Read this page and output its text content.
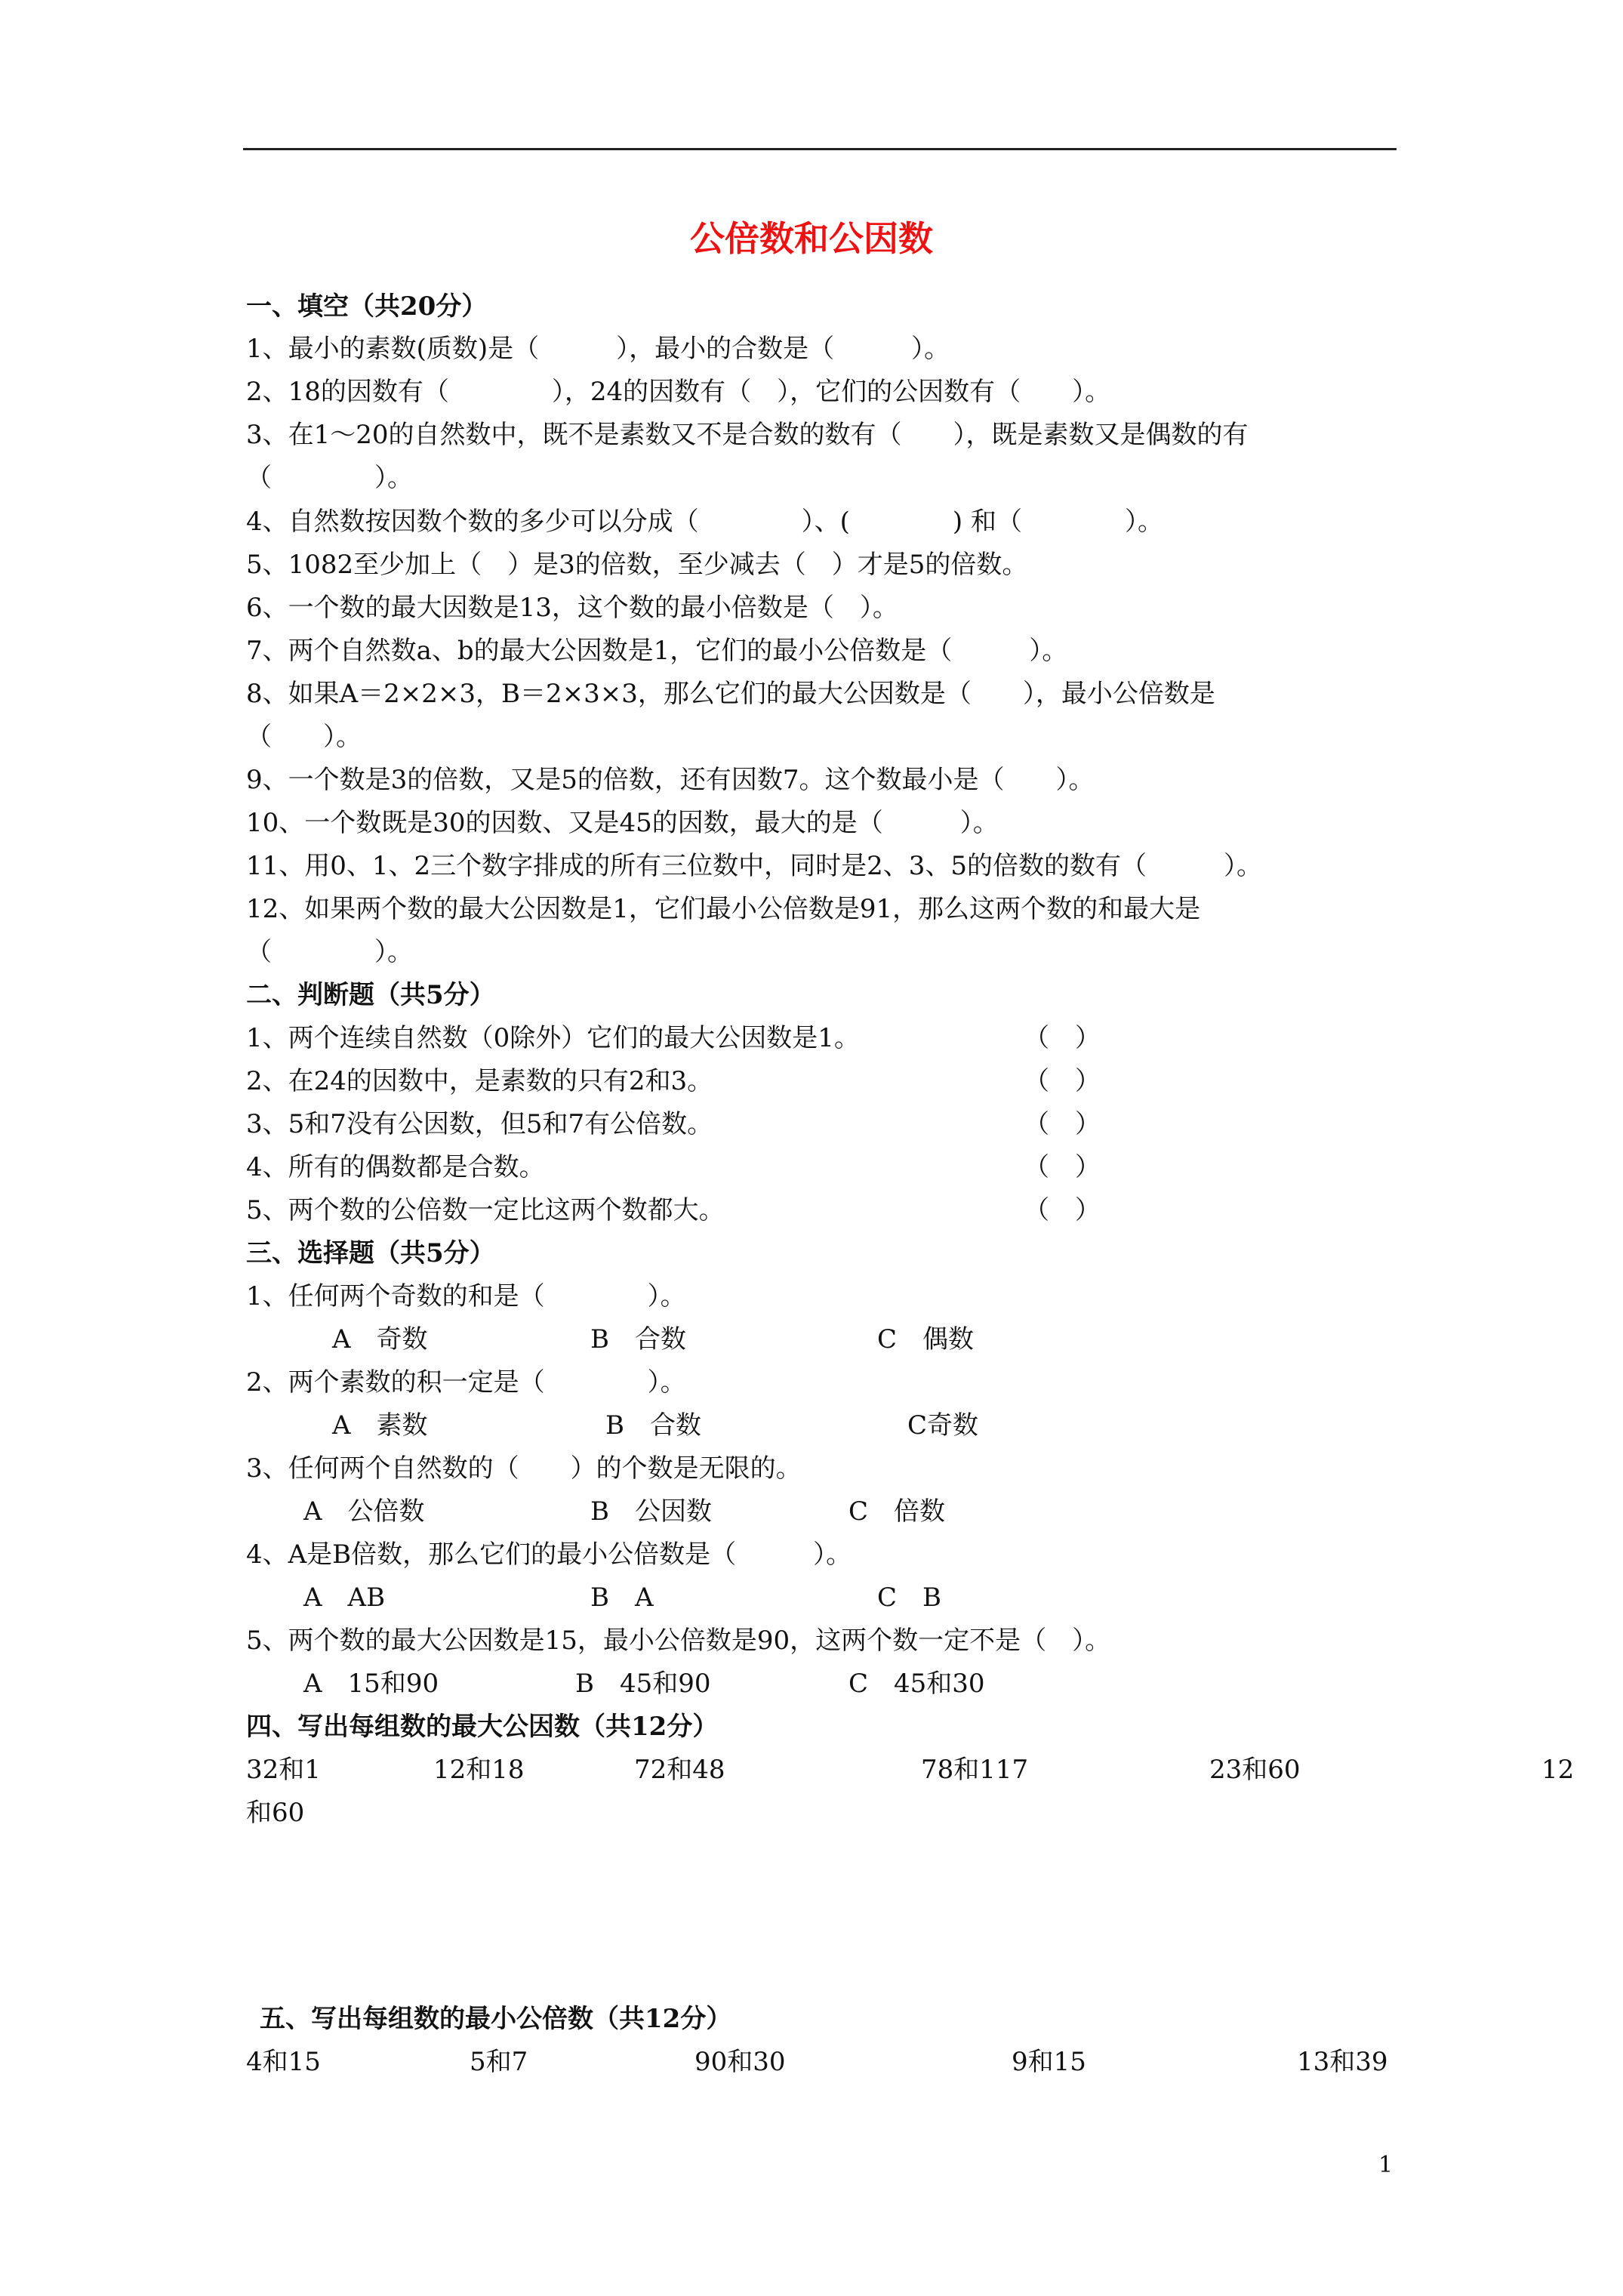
公倍数和公因数
一、填空（共20分）
1、最小的素数(质数)是（　　　），最小的合数是（　　　）。
2、18的因数有（　　　　），24的因数有（　），它们的公因数有（　　）。
3、在1～20的自然数中，既不是素数又不是合数的数有（　　），既是素数又是偶数的有
（　　　　）。
4、自然数按因数个数的多少可以分成（　　　　）、(　　　　) 和（　　　　）。
5、1082至少加上（　）是3的倍数，至少减去（　）才是5的倍数。
6、一个数的最大因数是13，这个数的最小倍数是（　）。
7、两个自然数a、b的最大公因数是1，它们的最小公倍数是（　　　）。
8、如果A＝2×2×3，B＝2×3×3，那么它们的最大公因数是（　　），最小公倍数是
（　　）。
9、一个数是3的倍数，又是5的倍数，还有因数7。这个数最小是（　　）。
10、一个数既是30的因数、又是45的因数，最大的是（　　　）。
11、用0、1、2三个数字排成的所有三位数中，同时是2、3、5的倍数的数有（　　　）。
12、如果两个数的最大公因数是1，它们最小公倍数是91，那么这两个数的和最大是
（　　　　）。
二、判断题（共5分）
1、两个连续自然数（0除外）它们的最大公因数是1。	（　）
2、在24的因数中，是素数的只有2和3。	（　）
3、5和7没有公因数，但5和7有公倍数。	（　）
4、所有的偶数都是合数。	（　）
5、两个数的公倍数一定比这两个数都大。	（　）
三、选择题（共5分）
1、任何两个奇数的和是（　　　　）。
A　奇数	B　合数	C　偶数
2、两个素数的积一定是（　　　　）。
A　素数	B　合数	C奇数
3、任何两个自然数的（　　）的个数是无限的。
A　公倍数	B　公因数	C　倍数
4、A是B倍数，那么它们的最小公倍数是（　　　）。
A　AB	B　A	C　B
5、两个数的最大公因数是15，最小公倍数是90，这两个数一定不是（　）。
A　15和90	B　45和90	C　45和30
四、写出每组数的最大公因数（共12分）
32和1	12和18	72和48	78和117	23和60	12
和60
五、写出每组数的最小公倍数（共12分）
4和15	5和7	90和30	9和15	13和39
1
